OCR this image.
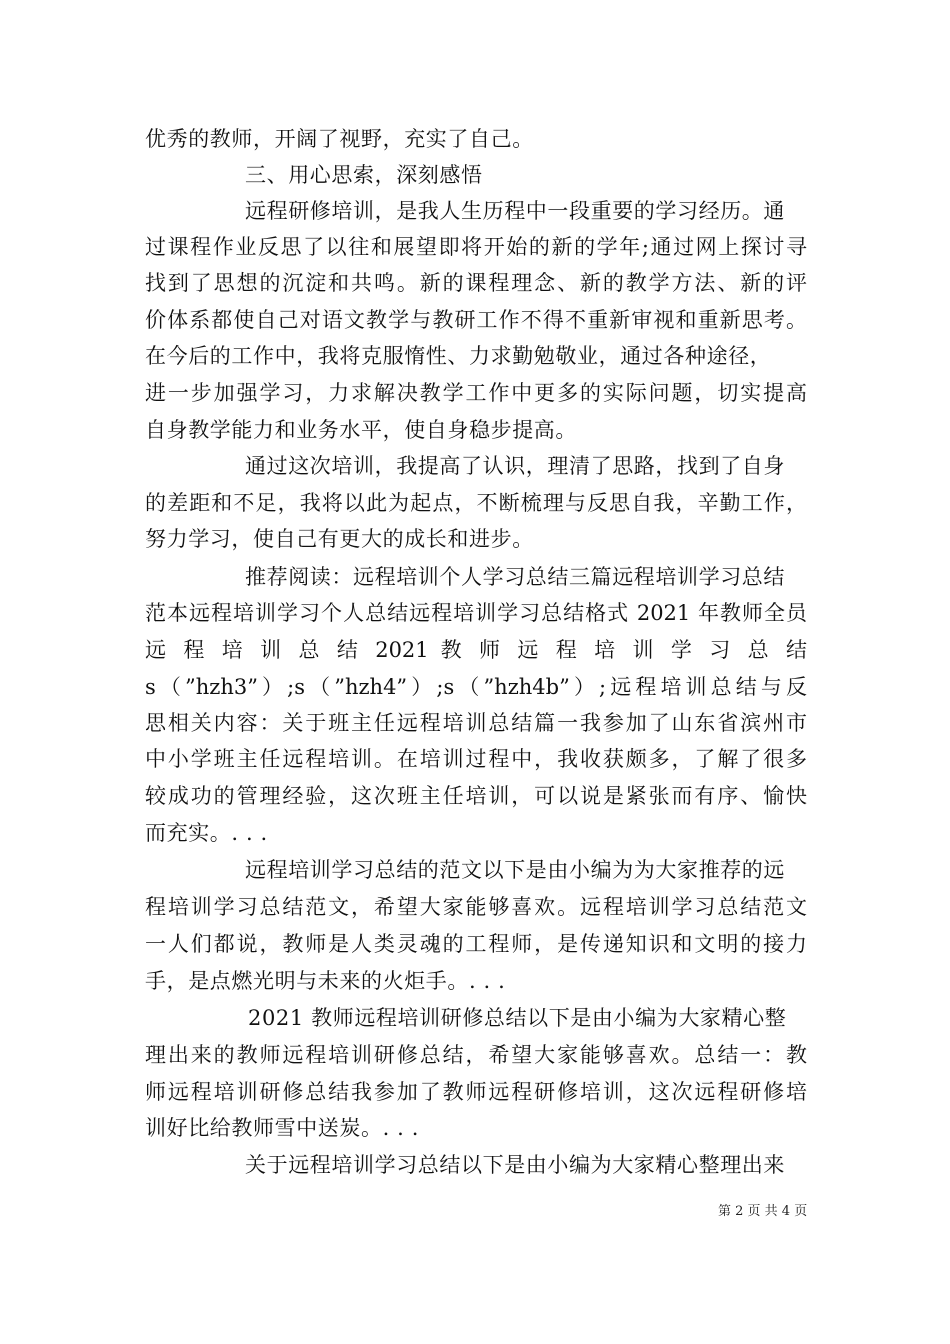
优秀的教师，开阔了视野，充实了自己。
三、用心思索，深刻感悟
远程研修培训，是我人生历程中一段重要的学习经历。通
过课程作业反思了以往和展望即将开始的新的学年;通过网上探讨寻
找到了思想的沉淀和共鸣。新的课程理念、新的教学方法、新的评
价体系都使自己对语文教学与教研工作不得不重新审视和重新思考。
在今后的工作中，我将克服惰性、力求勤勉敬业，通过各种途径，
进一步加强学习，力求解决教学工作中更多的实际问题，切实提高
自身教学能力和业务水平，使自身稳步提高。
通过这次培训，我提高了认识，理清了思路，找到了自身
的差距和不足，我将以此为起点，不断梳理与反思自我，辛勤工作，
努力学习，使自己有更大的成长和进步。
推荐阅读：远程培训个人学习总结三篇远程培训学习总结
范本远程培训学习个人总结远程培训学习总结格式 2021 年教师全员
远 程 培 训 总 结 2021 教 师 远 程 培 训 学 习 总 结
s（”hzh3”）;s（”hzh4”）;s（”hzh4b”）;远程培训总结与反
思相关内容：关于班主任远程培训总结篇一我参加了山东省滨州市
中小学班主任远程培训。在培训过程中，我收获颇多，了解了很多
较成功的管理经验，这次班主任培训，可以说是紧张而有序、愉快
而充实。. . .
远程培训学习总结的范文以下是由小编为为大家推荐的远
程培训学习总结范文，希望大家能够喜欢。远程培训学习总结范文
一人们都说，教师是人类灵魂的工程师，是传递知识和文明的接力
手，是点燃光明与未来的火炬手。. . .
2021 教师远程培训研修总结以下是由小编为大家精心整
理出来的教师远程培训研修总结，希望大家能够喜欢。总结一：教
师远程培训研修总结我参加了教师远程研修培训，这次远程研修培
训好比给教师雪中送炭。. . .
关于远程培训学习总结以下是由小编为大家精心整理出来
第 2 页 共 4 页
